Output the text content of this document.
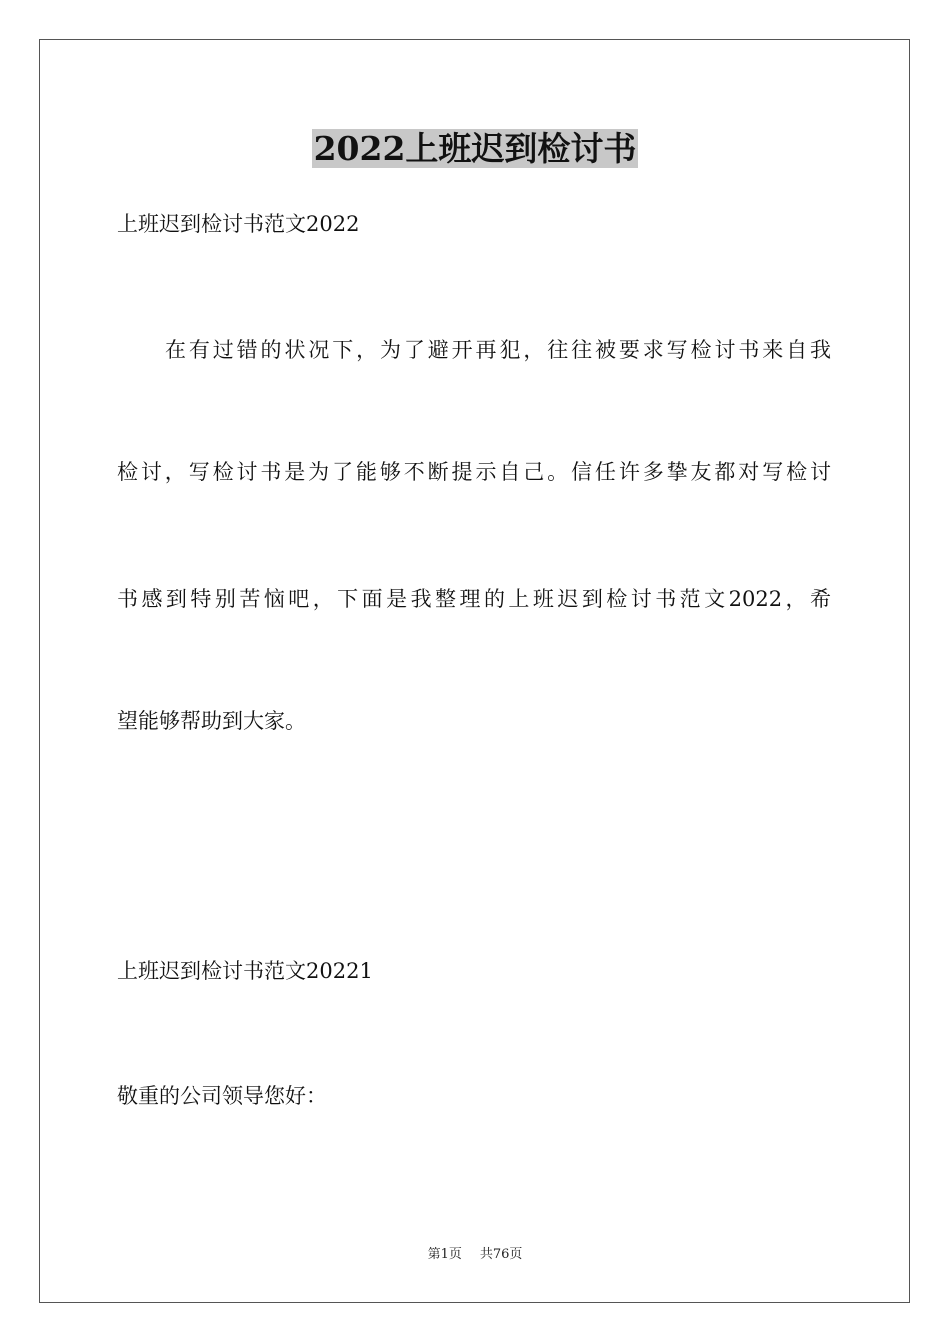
2022上班迟到检讨书
上班迟到检讨书范文2022
在有过错的状况下，为了避开再犯，往往被要求写检讨书来自我
检讨，写检讨书是为了能够不断提示自己。信任许多挚友都对写检讨
书感到特别苦恼吧，下面是我整理的上班迟到检讨书范文2022，希
望能够帮助到大家。
上班迟到检讨书范文20221
敬重的公司领导您好：
第1页 共76页
